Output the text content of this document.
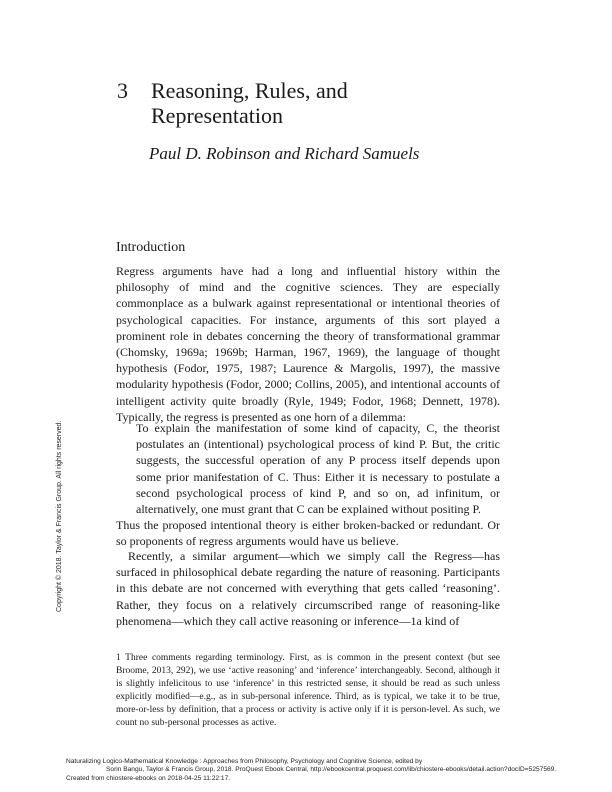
3 Reasoning, Rules, and Representation
Paul D. Robinson and Richard Samuels
Introduction

Regress arguments have had a long and influential history within the philosophy of mind and the cognitive sciences. They are especially commonplace as a bulwark against representational or intentional theories of psychological capacities. For instance, arguments of this sort played a prominent role in debates concerning the theory of transformational grammar (Chomsky, 1969a; 1969b; Harman, 1967, 1969), the language of thought hypothesis (Fodor, 1975, 1987; Laurence & Margolis, 1997), the massive modularity hypothesis (Fodor, 2000; Collins, 2005), and intentional accounts of intelligent activity quite broadly (Ryle, 1949; Fodor, 1968; Dennett, 1978). Typically, the regress is presented as one horn of a dilemma:

To explain the manifestation of some kind of capacity, C, the theorist postulates an (intentional) psychological process of kind P. But, the critic suggests, the successful operation of any P process itself depends upon some prior manifestation of C. Thus: Either it is necessary to postulate a second psychological process of kind P, and so on, ad infinitum, or alternatively, one must grant that C can be explained without positing P.

Thus the proposed intentional theory is either broken-backed or redundant. Or so proponents of regress arguments would have us believe.

Recently, a similar argument—which we simply call the Regress—has surfaced in philosophical debate regarding the nature of reasoning. Participants in this debate are not concerned with everything that gets called ‘reasoning’. Rather, they focus on a relatively circumscribed range of reasoning-like phenomena—which they call active reasoning or inference—1a kind of

1 Three comments regarding terminology. First, as is common in the present context (but see Broome, 2013, 292), we use ‘active reasoning’ and ‘inference’ interchangeably. Second, although it is slightly infelicitous to use ‘inference’ in this restricted sense, it should be read as such unless explicitly modified—e.g., as in sub-personal inference. Third, as is typical, we take it to be true, more-or-less by definition, that a process or activity is active only if it is person-level. As such, we count no sub-personal processes as active.

Copyright © 2018. Taylor & Francis Group. All rights reserved.
Naturalizing Logico-Mathematical Knowledge : Approaches from Philosophy, Psychology and Cognitive Science, edited by
Sorin Bangu, Taylor & Francis Group, 2018. ProQuest Ebook Central, http://ebookcentral.proquest.com/lib/chiostere-ebooks/detail.action?docID=5257569.
Created from chiostere-ebooks on 2018-04-25 11:22:17.
